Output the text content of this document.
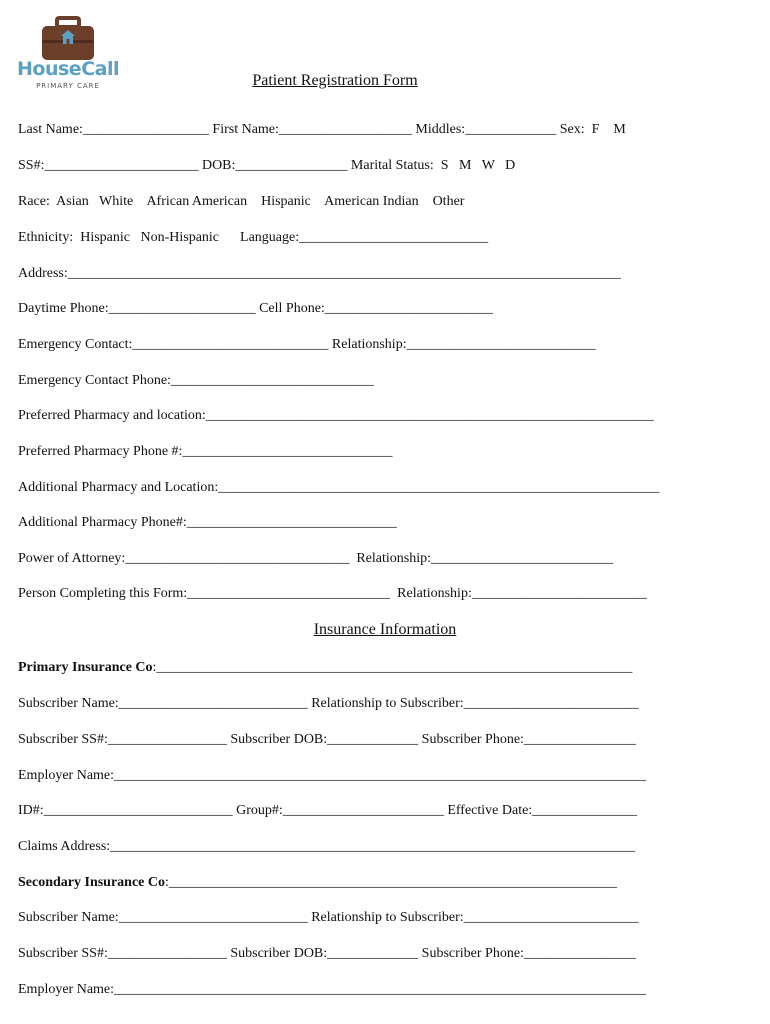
HouseCall
PRIMARY CARE	Patient Registration Form
Last Name:__________________ First Name:___________________ Middles:_____________ Sex:  F    M
SS#:______________________ DOB:________________ Marital Status:  S   M   W   D
Race:  Asian   White    African American    Hispanic    American Indian    Other
Ethnicity:  Hispanic   Non-Hispanic      Language:___________________________
Address:_______________________________________________________________________________
Daytime Phone:_____________________ Cell Phone:________________________
Emergency Contact:____________________________ Relationship:___________________________
Emergency Contact Phone:_____________________________
Preferred Pharmacy and location:________________________________________________________________
Preferred Pharmacy Phone #:______________________________
Additional Pharmacy and Location:_______________________________________________________________
Additional Pharmacy Phone#:______________________________
Power of Attorney:________________________________  Relationship:__________________________
Person Completing this Form:_____________________________  Relationship:_________________________
Insurance Information
Primary Insurance Co:____________________________________________________________________
Subscriber Name:___________________________ Relationship to Subscriber:_________________________
Subscriber SS#:_________________ Subscriber DOB:_____________ Subscriber Phone:________________
Employer Name:____________________________________________________________________________
ID#:___________________________ Group#:_______________________ Effective Date:_______________
Claims Address:___________________________________________________________________________
Secondary Insurance Co:________________________________________________________________
Subscriber Name:___________________________ Relationship to Subscriber:_________________________
Subscriber SS#:_________________ Subscriber DOB:_____________ Subscriber Phone:________________
Employer Name:____________________________________________________________________________
